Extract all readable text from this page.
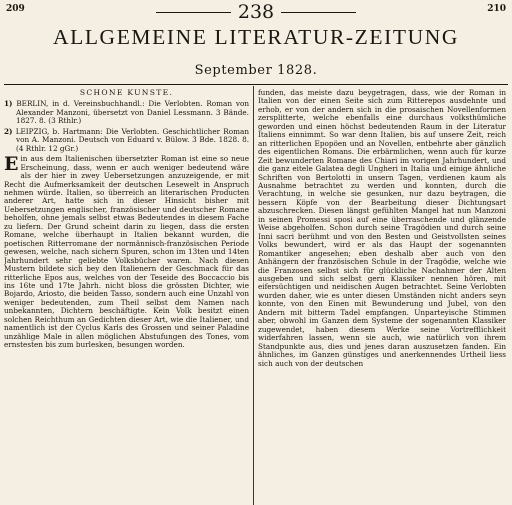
209	238	210
ALLGEMEINE LITERATUR-ZEITUNG
September 1828.
SCHÖNE KÜNSTE.
1) BERLIN, in d. Vereinsbuchhandl.: Die Verlobten. Roman von Alexander Manzoni, übersetzt von Daniel Lessmann. 3 Bände. 1827. 8. (3 Rthlr.)
2) LEIPZIG, b. Hartmann: Die Verlobten. Geschichtlicher Roman von A. Manzoni. Deutsch von Eduard v. Bülow. 3 Bde. 1828. 8. (4 Rthlr. 12 gGr.)

Ein aus dem Italienischen übersetzter Roman ist eine so neue Erscheinung, dass, wenn er auch weniger bedeutend wäre als der hier in zwey Uebersetzungen anzuzeigende, er mit Recht die Aufmerksamkeit der deutschen Lesewelt in Anspruch nehmen würde. Italien, so überreich an literarischen Producten anderer Art, hatte sich in dieser Hinsicht bisher mit Uebersetzungen englischer, französischer und deutscher Romane beholfen, ohne jemals selbst etwas Bedeutendes in diesem Fache zu liefern. Der Grund scheint darin zu liegen, dass die ersten Romane, welche überhaupt in Italien bekannt wurden, die poetischen Ritterromane der normännisch-französischen Periode gewesen, welche, nach sichern Spuren, schon im 13ten und 14ten Jahrhundert sehr geliebte Volksbücher waren. Nach diesen Mustern bildete sich bey den Italienern der Geschmack für das ritterliche Epos aus, welches von der Teseide des Boccaccio bis ins 16te und 17te Jahrh. nicht bloss die grössten Dichter, wie Bojardo, Ariosto, die beiden Tasso, sondern auch eine Unzahl von weniger bedeutenden, zum Theil selbst dem Namen nach unbekannten, Dichtern beschäftigte. Kein Volk besitzt einen solchen Reichthum an Gedichten dieser Art, wie die Italiener, und namentlich ist der Cyclus Karls des Grossen und seiner Paladine unzählige Male in allen möglichen Abstufungen des Tones, vom ernstesten bis zum burlesken, besungen worden.

funden, das meiste dazu beygetragen, dass, wie der Roman in Italien von der einen Seite sich zum Ritterepos ausdehnte und erhob, er von der andern sich in die prosaischen Novellenformen zersplitterte, welche ebenfalls eine durchaus volksthümliche geworden und einen höchst bedeutenden Raum in der Literatur Italiens einnimmt. So war denn Italien, bis auf unsere Zeit, reich an ritterlichen Epopöen und an Novellen, entbehrte aber gänzlich des eigentlichen Romans. Die erbärmlichen, wenn auch für kurze Zeit bewunderten Romane des Chiari im vorigen Jahrhundert, und die ganz eitele Galatea degli Ungheri in Italia und einige ähnliche Schriften von Bertolotti in unsern Tagen, verdienen kaum als Ausnahme betrachtet zu werden und konnten, durch die Verachtung, in welche sie gesunken, nur dazu beytragen, die bessern Köpfe von der Bearbeitung dieser Dichtungsart abzuschrecken. Diesen längst gefühlten Mangel hat nun Manzoni in seinen Promessi sposi auf eine überraschende und glänzende Weise abgeholfen. Schon durch seine Tragödien und durch seine Inni sacri berühmt und von den Besten und Geistvollsten seines Volks bewundert, wird er als das Haupt der sogenannten Romantiker angesehen; eben deshalb aber auch von den Anhängern der französischen Schule in der Tragödie, welche wie die Franzosen selbst sich für glückliche Nachahmer der Alten ausgeben und sich selbst gern Klassiker nennen hören, mit eifersüchtigen und neidischen Augen betrachtet. Seine Verlobten wurden daher, wie es unter diesen Umständen nicht anders seyn konnte, von den Einen mit Bewunderung und Jubel, von den Andern mit bitterm Tadel empfangen. Unparteyische Stimmen aber, obwohl im Ganzen dem Systeme der sogenannten Klassiker zugewendet, haben diesem Werke seine Vortrefflichkeit widerfahren lassen, wenn sie auch, wie natürlich von ihrem Standpunkte aus, dies und jenes daran auszusetzen fanden. Ein ähnliches, im Ganzen günstiges und anerkennendes Urtheil liess sich auch von der deutschen
